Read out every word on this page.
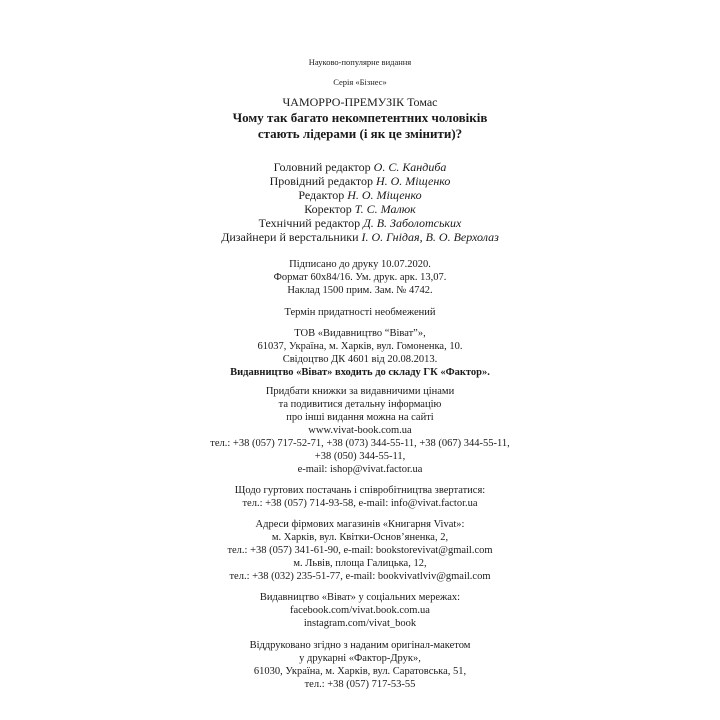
Науково-популярне видання
Серія «Бізнес»
ЧАМОРРО-ПРЕМУЗІК Томас
Чому так багато некомпетентних чоловіків
стають лідерами (і як це змінити)?
Головний редактор О. С. Кандиба
Провідний редактор Н. О. Міщенко
Редактор Н. О. Міщенко
Коректор Т. С. Малюк
Технічний редактор Д. В. Заболотських
Дизайнери й верстальники І. О. Гнідая, В. О. Верхолаз
Підписано до друку 10.07.2020.
Формат 60х84/16. Ум. друк. арк. 13,07.
Наклад 1500 прим. Зам. № 4742.
Термін придатності необмежений
ТОВ «Видавництво “Віват”»,
61037, Україна, м. Харків, вул. Гомоненка, 10.
Свідоцтво ДК 4601 від 20.08.2013.
Видавництво «Віват» входить до складу ГК «Фактор».
Придбати книжки за видавничими цінами
та подивитися детальну інформацію
про інші видання можна на сайті
www.vivat-book.com.ua
тел.: +38 (057) 717-52-71, +38 (073) 344-55-11, +38 (067) 344-55-11,
+38 (050) 344-55-11,
e-mail: ishop@vivat.factor.ua
Щодо гуртових постачань і співробітництва звертатися:
тел.: +38 (057) 714-93-58, e-mail: info@vivat.factor.ua
Адреси фірмових магазинів «Книгарня Vivat»:
м. Харків, вул. Квітки-Основ’яненка, 2,
тел.: +38 (057) 341-61-90, e-mail: bookstorevivat@gmail.com
м. Львів, площа Галицька, 12,
тел.: +38 (032) 235-51-77, e-mail: bookvivatlviv@gmail.com
Видавництво «Віват» у соціальних мережах:
facebook.com/vivat.book.com.ua
instagram.com/vivat_book
Віддруковано згідно з наданим оригінал-макетом
у друкарні «Фактор-Друк»,
61030, Україна, м. Харків, вул. Саратовська, 51,
тел.: +38 (057) 717-53-55
